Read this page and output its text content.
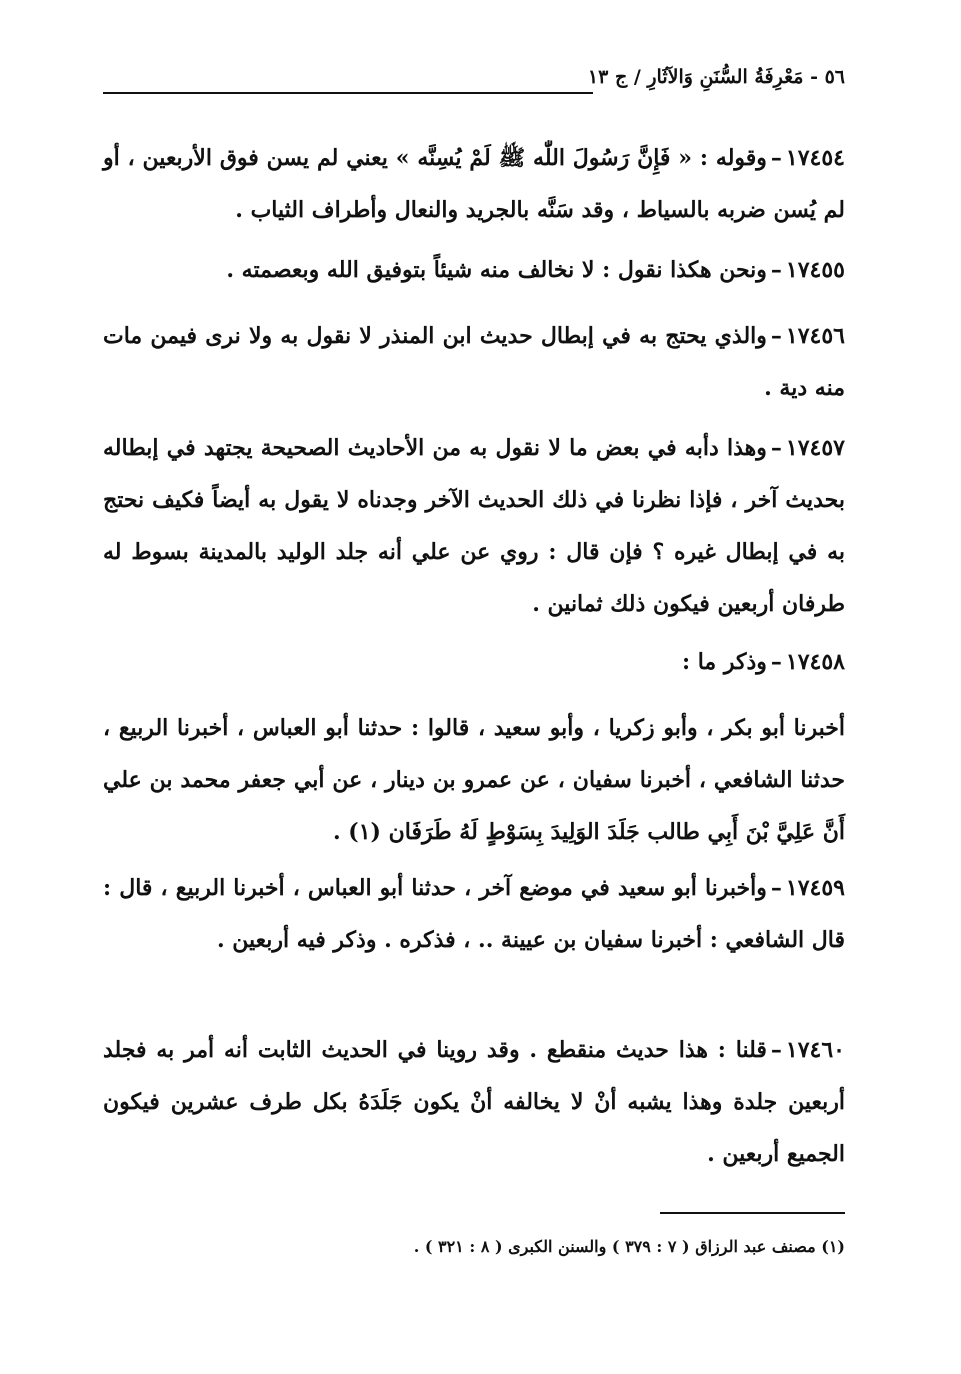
٥٦ - مَعْرِفَةُ السُّنَنِ وَالآثَارِ / ج ١٣
١٧٤٥٤–وقوله : « فَإِنَّ رَسُولَ اللّٰه ﷺ لَمْ يُسِنَّه » يعني لم يسن فوق الأربعين ، أو لم يُسن ضربه بالسياط ، وقد سَنَّه بالجريد والنعال وأطراف الثياب .
١٧٤٥٥–ونحن هكذا نقول : لا نخالف منه شيئاً بتوفيق الله وبعصمته .
١٧٤٥٦–والذي يحتج به في إبطال حديث ابن المنذر لا نقول به ولا نرى فيمن مات منه دية .
١٧٤٥٧–وهذا دأبه في بعض ما لا نقول به من الأحاديث الصحيحة يجتهد في إبطاله بحديث آخر ، فإذا نظرنا في ذلك الحديث الآخر وجدناه لا يقول به أيضاً فكيف نحتج به في إبطال غيره ؟ فإن قال : روي عن علي أنه جلد الوليد بالمدينة بسوط له طرفان أربعين فيكون ذلك ثمانين .
١٧٤٥٨–وذكر ما :
أخبرنا أبو بكر ، وأبو زكريا ، وأبو سعيد ، قالوا : حدثنا أبو العباس ، أخبرنا الربيع ، حدثنا الشافعي ، أخبرنا سفيان ، عن عمرو بن دينار ، عن أبي جعفر محمد بن علي أَنَّ عَلِيَّ بْنَ أَبِي طالب جَلَدَ الوَلِيدَ بِسَوْطٍ لَهُ طَرَفَان (١) .
١٧٤٥٩–وأخبرنا أبو سعيد في موضع آخر ، حدثنا أبو العباس ، أخبرنا الربيع ، قال : قال الشافعي : أخبرنا سفيان بن عيينة .. ، فذكره . وذكر فيه أربعين .
١٧٤٦٠–قلنا : هذا حديث منقطع . وقد روينا في الحديث الثابت أنه أمر به فجلد أربعين جلدة وهذا يشبه أنْ لا يخالفه أنْ يكون جَلَدَهُ بكل طرف عشرين فيكون الجميع أربعين .
(١) مصنف عبد الرزاق ( ٧ : ٣٧٩ ) والسنن الكبرى ( ٨ : ٣٢١ ) .
